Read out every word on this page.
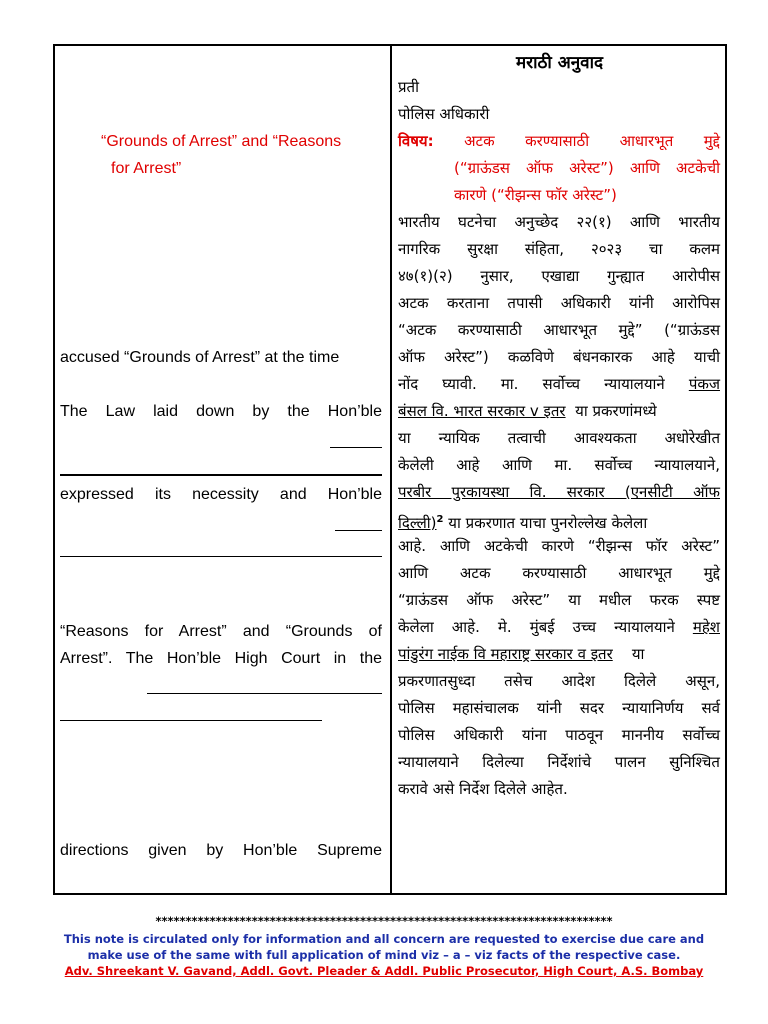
“Grounds of Arrest” and “Reasons
for Arrest”
accused “Grounds of Arrest” at the time
The Law laid down by the Hon’ble
expressed its necessity and Hon’ble
“Reasons for Arrest” and “Grounds of
Arrest”. The Hon’ble High Court in the
directions given by Hon’ble Supreme
मराठी अनुवाद
प्रती
पोलिस अधिकारी
विषय: अटक करण्यासाठी आधारभूत मुद्दे
(“ग्राऊंडस ऑफ अरेस्ट”) आणि अटकेची
कारणे (“रीझन्स फॉर अरेस्ट”)
भारतीय घटनेचा अनुच्छेद २२(१) आणि भारतीय
नागरिक सुरक्षा संहिता, २०२३ चा कलम
४७(१)(२) नुसार, एखाद्या गुन्ह्यात आरोपीस
अटक करताना तपासी अधिकारी यांनी आरोपिस
“अटक करण्यासाठी आधारभूत मुद्दे” (“ग्राऊंडस
ऑफ अरेस्ट”) कळविणे बंधनकारक आहे याची
नोंद घ्यावी. मा. सर्वोच्च न्यायालयाने पंकज
बंसल वि. भारत सरकार v इतर या प्रकरणांमध्ये
या न्यायिक तत्वाची आवश्यकता अधोरेखीत
केलेली आहे आणि मा. सर्वोच्च न्यायालयाने,
परबीर पुरकायस्था वि. सरकार (एनसीटी ऑफ
दिल्ली)$^2$ या प्रकरणात याचा पुनरोल्लेख केलेला
आहे. आणि अटकेची कारणे “रीझन्स फॉर अरेस्ट”
आणि अटक करण्यासाठी आधारभूत मुद्दे
“ग्राऊंडस ऑफ अरेस्ट” या मधील फरक स्पष्ट
केलेला आहे. मे. मुंबई उच्च न्यायालयाने महेश
पांडुरंग नाईक वि महाराष्ट्र सरकार व इतर या
प्रकरणातसुध्दा तसेच आदेश दिलेले असून,
पोलिस महासंचालक यांनी सदर न्यायानिर्णय सर्व
पोलिस अधिकारी यांना पाठवून माननीय सर्वोच्च
न्यायालयाने दिलेल्या निर्देशांचे पालन सुनिश्चित
करावे असे निर्देश दिलेले आहेत.
****************************************************************************
This note is circulated only for information and all concern are requested to exercise due care and
make use of the same with full application of mind viz – a – viz facts of the respective case.
Adv. Shreekant V. Gavand, Addl. Govt. Pleader & Addl. Public Prosecutor, High Court, A.S. Bombay
